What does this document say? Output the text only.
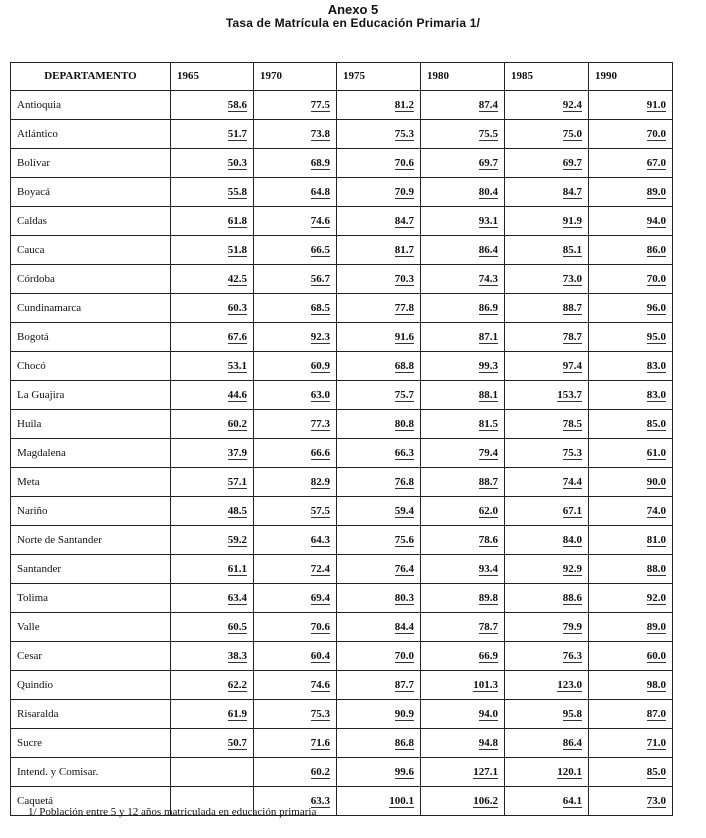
Anexo 5
Tasa de Matrícula en Educación Primaria 1/
DEPARTAMENTO	1965	1970	1975	1980	1985	1990
Antioquia	58.6	77.5	81.2	87.4	92.4	91.0
Atlántico	51.7	73.8	75.3	75.5	75.0	70.0
Bolívar	50.3	68.9	70.6	69.7	69.7	67.0
Boyacá	55.8	64.8	70.9	80.4	84.7	89.0
Caldas	61.8	74.6	84.7	93.1	91.9	94.0
Cauca	51.8	66.5	81.7	86.4	85.1	86.0
Córdoba	42.5	56.7	70.3	74.3	73.0	70.0
Cundinamarca	60.3	68.5	77.8	86.9	88.7	96.0
Bogotá	67.6	92.3	91.6	87.1	78.7	95.0
Chocó	53.1	60.9	68.8	99.3	97.4	83.0
La Guajira	44.6	63.0	75.7	88.1	153.7	83.0
Huila	60.2	77.3	80.8	81.5	78.5	85.0
Magdalena	37.9	66.6	66.3	79.4	75.3	61.0
Meta	57.1	82.9	76.8	88.7	74.4	90.0
Nariño	48.5	57.5	59.4	62.0	67.1	74.0
Norte de Santander	59.2	64.3	75.6	78.6	84.0	81.0
Santander	61.1	72.4	76.4	93.4	92.9	88.0
Tolima	63.4	69.4	80.3	89.8	88.6	92.0
Valle	60.5	70.6	84.4	78.7	79.9	89.0
Cesar	38.3	60.4	70.0	66.9	76.3	60.0
Quindío	62.2	74.6	87.7	101.3	123.0	98.0
Risaralda	61.9	75.3	90.9	94.0	95.8	87.0
Sucre	50.7	71.6	86.8	94.8	86.4	71.0
Intend. y Comisar.		60.2	99.6	127.1	120.1	85.0
Caquetá		63.3	100.1	106.2	64.1	73.0
1/ Población entre 5 y 12 años matriculada en educación primaria
